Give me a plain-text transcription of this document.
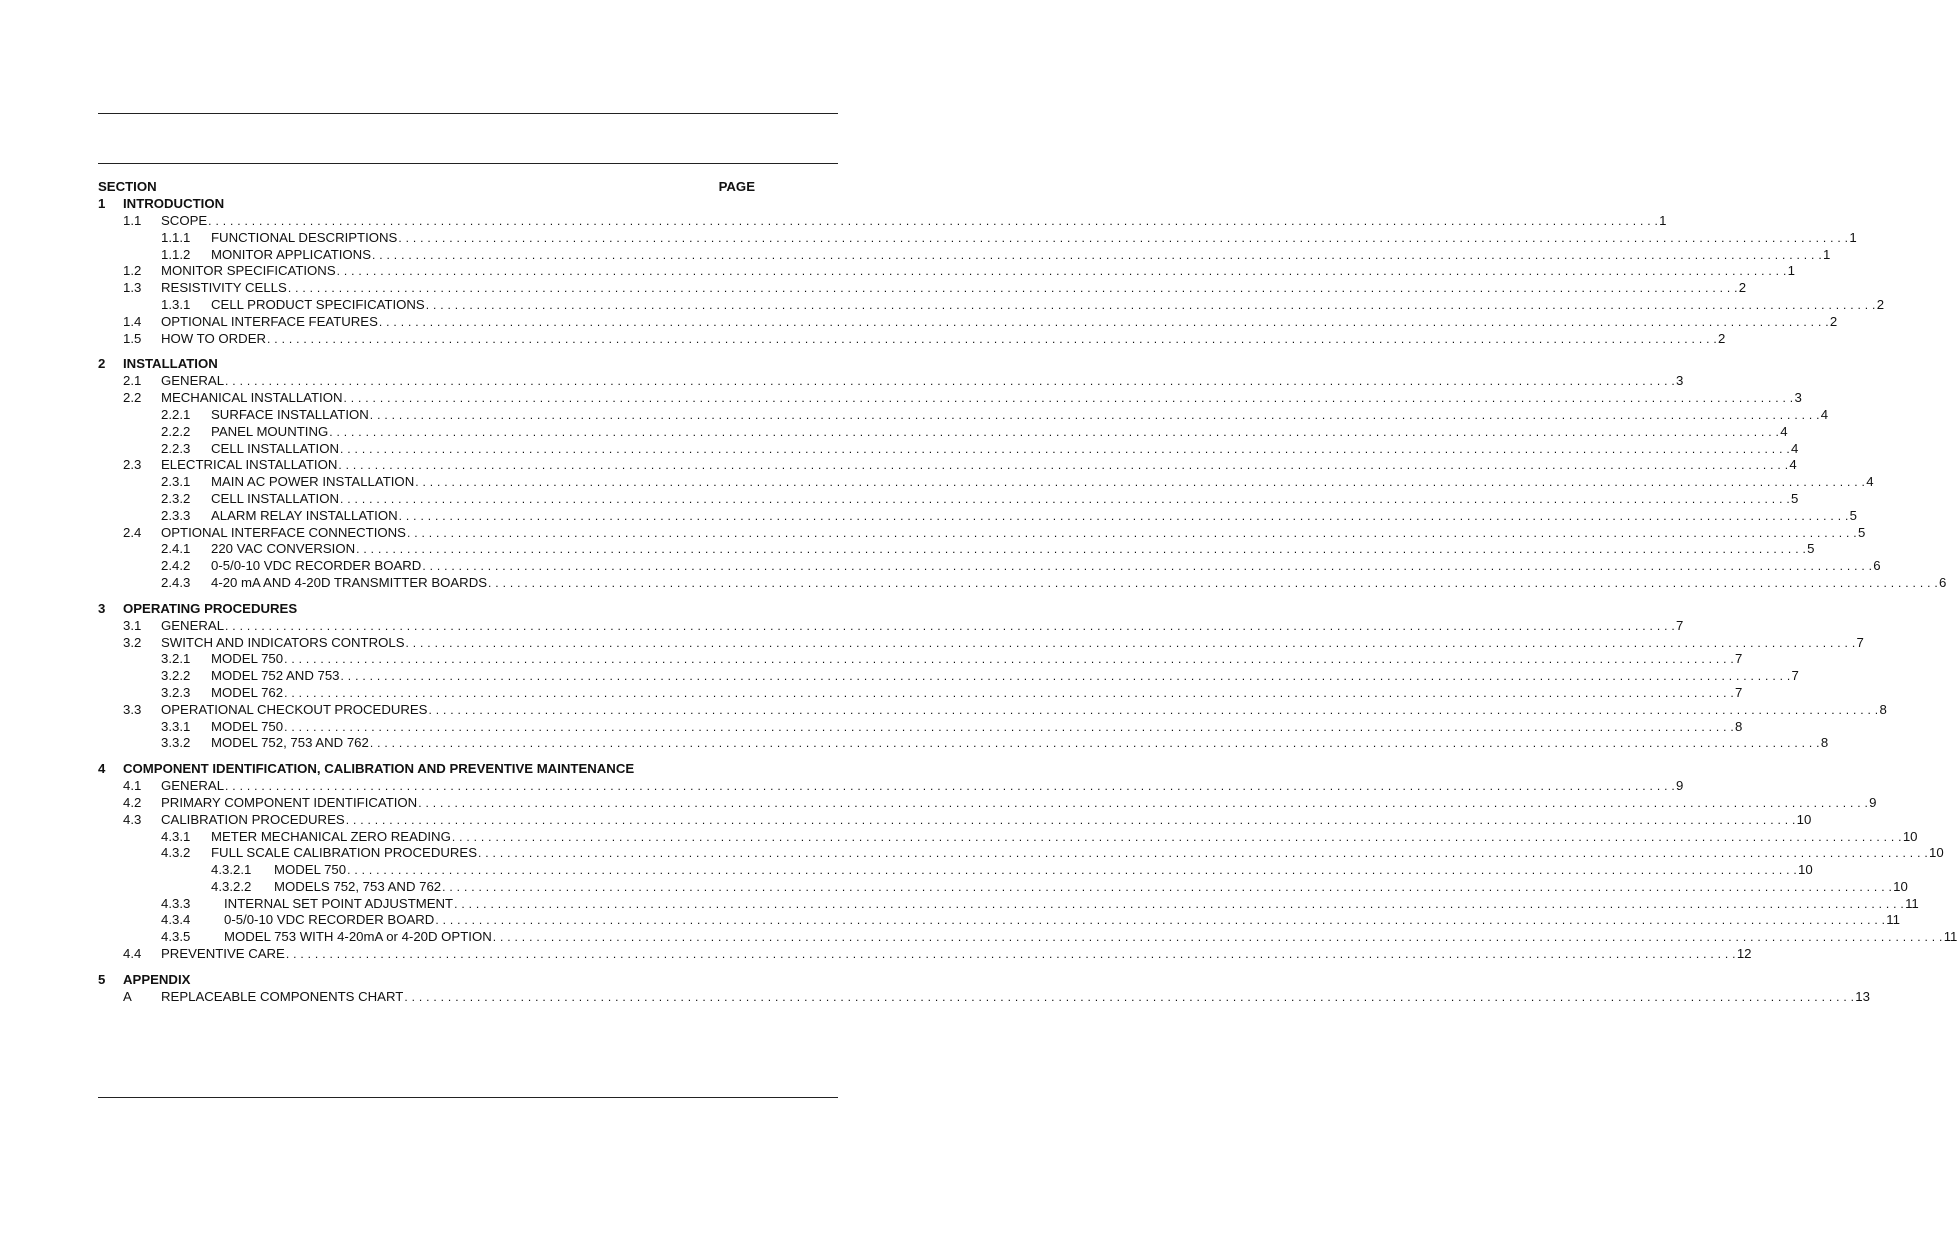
SECTION	PAGE
1 INTRODUCTION
1.1 SCOPE . . . . . . . . . . . . . . . . . . . . . . . . . . . . . . . . . . . . . . . . . . . . . . . . . . . . . . . . . . . . . . . . . . . . . . . . . . . . . . . . . . . . . . . . . . . . . . . . . . . . . . . . . . . . . . . . . . . . . . . . . . . . . . . . . . . . . . . . . . . . . . . . . . . . . . . . . . . . . . . . . . . . . . . . . . . . . . . . . . . . . . . . . . . . . . . . . . . . . . . . 1
1.1.1 FUNCTIONAL DESCRIPTIONS . . . . . . . . . . . . . . . . . . . . . . . . . . . . . . . . . . . . . . . . . . . . . . . . . . . . . . . . . . . . . . . . . . . . . . . . . . . . . . . . . . . . . . . . . . . . . . . . . . . . . . . . . . . . . . . . . . . . . . . . . . . . . . . . . . . . . . . . . . . . . . . . . . . . . . . . . . . . . . . . . . . . . . . . . . . . . . . . . . . . . . . . . . . . . . . . . . . . . . . . 1
1.1.2 MONITOR APPLICATIONS . . . . . . . . . . . . . . . . . . . . . . . . . . . . . . . . . . . . . . . . . . . . . . . . . . . . . . . . . . . . . . . . . . . . . . . . . . . . . . . . . . . . . . . . . . . . . . . . . . . . . . . . . . . . . . . . . . . . . . . . . . . . . . . . . . . . . . . . . . . . . . . . . . . . . . . . . . . . . . . . . . . . . . . . . . . . . . . . . . . . . . . . . . . . . . . . . . . . . . . . 1
1.2 MONITOR SPECIFICATIONS . . . . . . . . . . . . . . . . . . . . . . . . . . . . . . . . . . . . . . . . . . . . . . . . . . . . . . . . . . . . . . . . . . . . . . . . . . . . . . . . . . . . . . . . . . . . . . . . . . . . . . . . . . . . . . . . . . . . . . . . . . . . . . . . . . . . . . . . . . . . . . . . . . . . . . . . . . . . . . . . . . . . . . . . . . . . . . . . . . . . . . . . . . . . . . . . . . . . . . . . 1
1.3 RESISTIVITY CELLS . . . . . . . . . . . . . . . . . . . . . . . . . . . . . . . . . . . . . . . . . . . . . . . . . . . . . . . . . . . . . . . . . . . . . . . . . . . . . . . . . . . . . . . . . . . . . . . . . . . . . . . . . . . . . . . . . . . . . . . . . . . . . . . . . . . . . . . . . . . . . . . . . . . . . . . . . . . . . . . . . . . . . . . . . . . . . . . . . . . . . . . . . . . . . . . . . . . . . . . . 2
1.3.1 CELL PRODUCT SPECIFICATIONS . . . . . . . . . . . . . . . . . . . . . . . . . . . . . . . . . . . . . . . . . . . . . . . . . . . . . . . . . . . . . . . . . . . . . . . . . . . . . . . . . . . . . . . . . . . . . . . . . . . . . . . . . . . . . . . . . . . . . . . . . . . . . . . . . . . . . . . . . . . . . . . . . . . . . . . . . . . . . . . . . . . . . . . . . . . . . . . . . . . . . . . . . . . . . . . . . . . . . . . . 2
1.4 OPTIONAL INTERFACE FEATURES . . . . . . . . . . . . . . . . . . . . . . . . . . . . . . . . . . . . . . . . . . . . . . . . . . . . . . . . . . . . . . . . . . . . . . . . . . . . . . . . . . . . . . . . . . . . . . . . . . . . . . . . . . . . . . . . . . . . . . . . . . . . . . . . . . . . . . . . . . . . . . . . . . . . . . . . . . . . . . . . . . . . . . . . . . . . . . . . . . . . . . . . . . . . . . . . . . . . . . . . 2
1.5 HOW TO ORDER . . . . . . . . . . . . . . . . . . . . . . . . . . . . . . . . . . . . . . . . . . . . . . . . . . . . . . . . . . . . . . . . . . . . . . . . . . . . . . . . . . . . . . . . . . . . . . . . . . . . . . . . . . . . . . . . . . . . . . . . . . . . . . . . . . . . . . . . . . . . . . . . . . . . . . . . . . . . . . . . . . . . . . . . . . . . . . . . . . . . . . . . . . . . . . . . . . . . . . . . 2
2 INSTALLATION
2.1 GENERAL . . . . . . . . . . . . . . . . . . . . . . . . . . . . . . . . . . . . . . . . . . . . . . . . . . . . . . . . . . . . . . . . . . . . . . . . . . . . . . . . . . . . . . . . . . . . . . . . . . . . . . . . . . . . . . . . . . . . . . . . . . . . . . . . . . . . . . . . . . . . . . . . . . . . . . . . . . . . . . . . . . . . . . . . . . . . . . . . . . . . . . . . . . . . . . . . . . . . . . . . 3
2.2 MECHANICAL INSTALLATION . . . . . . . . . . . . . . . . . . . . . . . . . . . . . . . . . . . . . . . . . . . . . . . . . . . . . . . . . . . . . . . . . . . . . . . . . . . . . . . . . . . . . . . . . . . . . . . . . . . . . . . . . . . . . . . . . . . . . . . . . . . . . . . . . . . . . . . . . . . . . . . . . . . . . . . . . . . . . . . . . . . . . . . . . . . . . . . . . . . . . . . . . . . . . . . . . . . . . . . . 3
2.2.1 SURFACE INSTALLATION . . . . . . . . . . . . . . . . . . . . . . . . . . . . . . . . . . . . . . . . . . . . . . . . . . . . . . . . . . . . . . . . . . . . . . . . . . . . . . . . . . . . . . . . . . . . . . . . . . . . . . . . . . . . . . . . . . . . . . . . . . . . . . . . . . . . . . . . . . . . . . . . . . . . . . . . . . . . . . . . . . . . . . . . . . . . . . . . . . . . . . . . . . . . . . . . . . . . . . . . 4
2.2.2 PANEL MOUNTING . . . . . . . . . . . . . . . . . . . . . . . . . . . . . . . . . . . . . . . . . . . . . . . . . . . . . . . . . . . . . . . . . . . . . . . . . . . . . . . . . . . . . . . . . . . . . . . . . . . . . . . . . . . . . . . . . . . . . . . . . . . . . . . . . . . . . . . . . . . . . . . . . . . . . . . . . . . . . . . . . . . . . . . . . . . . . . . . . . . . . . . . . . . . . . . . . . . . . . . . 4
2.2.3 CELL INSTALLATION . . . . . . . . . . . . . . . . . . . . . . . . . . . . . . . . . . . . . . . . . . . . . . . . . . . . . . . . . . . . . . . . . . . . . . . . . . . . . . . . . . . . . . . . . . . . . . . . . . . . . . . . . . . . . . . . . . . . . . . . . . . . . . . . . . . . . . . . . . . . . . . . . . . . . . . . . . . . . . . . . . . . . . . . . . . . . . . . . . . . . . . . . . . . . . . . . . . . . . . . 4
2.3 ELECTRICAL INSTALLATION . . . . . . . . . . . . . . . . . . . . . . . . . . . . . . . . . . . . . . . . . . . . . . . . . . . . . . . . . . . . . . . . . . . . . . . . . . . . . . . . . . . . . . . . . . . . . . . . . . . . . . . . . . . . . . . . . . . . . . . . . . . . . . . . . . . . . . . . . . . . . . . . . . . . . . . . . . . . . . . . . . . . . . . . . . . . . . . . . . . . . . . . . . . . . . . . . . . . . . . . 4
2.3.1 MAIN AC POWER INSTALLATION . . . . . . . . . . . . . . . . . . . . . . . . . . . . . . . . . . . . . . . . . . . . . . . . . . . . . . . . . . . . . . . . . . . . . . . . . . . . . . . . . . . . . . . . . . . . . . . . . . . . . . . . . . . . . . . . . . . . . . . . . . . . . . . . . . . . . . . . . . . . . . . . . . . . . . . . . . . . . . . . . . . . . . . . . . . . . . . . . . . . . . . . . . . . . . . . . . . . . . . . 4
2.3.2 CELL INSTALLATION . . . . . . . . . . . . . . . . . . . . . . . . . . . . . . . . . . . . . . . . . . . . . . . . . . . . . . . . . . . . . . . . . . . . . . . . . . . . . . . . . . . . . . . . . . . . . . . . . . . . . . . . . . . . . . . . . . . . . . . . . . . . . . . . . . . . . . . . . . . . . . . . . . . . . . . . . . . . . . . . . . . . . . . . . . . . . . . . . . . . . . . . . . . . . . . . . . . . . . . . 5
2.3.3 ALARM RELAY INSTALLATION . . . . . . . . . . . . . . . . . . . . . . . . . . . . . . . . . . . . . . . . . . . . . . . . . . . . . . . . . . . . . . . . . . . . . . . . . . . . . . . . . . . . . . . . . . . . . . . . . . . . . . . . . . . . . . . . . . . . . . . . . . . . . . . . . . . . . . . . . . . . . . . . . . . . . . . . . . . . . . . . . . . . . . . . . . . . . . . . . . . . . . . . . . . . . . . . . . . . . . . . 5
2.4 OPTIONAL INTERFACE CONNECTIONS . . . . . . . . . . . . . . . . . . . . . . . . . . . . . . . . . . . . . . . . . . . . . . . . . . . . . . . . . . . . . . . . . . . . . . . . . . . . . . . . . . . . . . . . . . . . . . . . . . . . . . . . . . . . . . . . . . . . . . . . . . . . . . . . . . . . . . . . . . . . . . . . . . . . . . . . . . . . . . . . . . . . . . . . . . . . . . . . . . . . . . . . . . . . . . . . . . . . . . . . 5
2.4.1 220 VAC CONVERSION . . . . . . . . . . . . . . . . . . . . . . . . . . . . . . . . . . . . . . . . . . . . . . . . . . . . . . . . . . . . . . . . . . . . . . . . . . . . . . . . . . . . . . . . . . . . . . . . . . . . . . . . . . . . . . . . . . . . . . . . . . . . . . . . . . . . . . . . . . . . . . . . . . . . . . . . . . . . . . . . . . . . . . . . . . . . . . . . . . . . . . . . . . . . . . . . . . . . . . . . 5
2.4.2 0-5/0-10 VDC RECORDER BOARD . . . . . . . . . . . . . . . . . . . . . . . . . . . . . . . . . . . . . . . . . . . . . . . . . . . . . . . . . . . . . . . . . . . . . . . . . . . . . . . . . . . . . . . . . . . . . . . . . . . . . . . . . . . . . . . . . . . . . . . . . . . . . . . . . . . . . . . . . . . . . . . . . . . . . . . . . . . . . . . . . . . . . . . . . . . . . . . . . . . . . . . . . . . . . . . . . . . . . . . . 6
2.4.3 4-20 mA AND 4-20D TRANSMITTER BOARDS . . . . . . . . . . . . . . . . . . . . . . . . . . . . . . . . . . . . . . . . . . . . . . . . . . . . . . . . . . . . . . . . . . . . . . . . . . . . . . . . . . . . . . . . . . . . . . . . . . . . . . . . . . . . . . . . . . . . . . . . . . . . . . . . . . . . . . . . . . . . . . . . . . . . . . . . . . . . . . . . . . . . . . . . . . . . . . . . . . . . . . . . . . . . . . . . . . . . . . . . 6
3 OPERATING PROCEDURES
3.1 GENERAL . . . . . . . . . . . . . . . . . . . . . . . . . . . . . . . . . . . . . . . . . . . . . . . . . . . . . . . . . . . . . . . . . . . . . . . . . . . . . . . . . . . . . . . . . . . . . . . . . . . . . . . . . . . . . . . . . . . . . . . . . . . . . . . . . . . . . . . . . . . . . . . . . . . . . . . . . . . . . . . . . . . . . . . . . . . . . . . . . . . . . . . . . . . . . . . . . . . . . . . . 7
3.2 SWITCH AND INDICATORS CONTROLS . . . . . . . . . . . . . . . . . . . . . . . . . . . . . . . . . . . . . . . . . . . . . . . . . . . . . . . . . . . . . . . . . . . . . . . . . . . . . . . . . . . . . . . . . . . . . . . . . . . . . . . . . . . . . . . . . . . . . . . . . . . . . . . . . . . . . . . . . . . . . . . . . . . . . . . . . . . . . . . . . . . . . . . . . . . . . . . . . . . . . . . . . . . . . . . . . . . . . . . . 7
3.2.1 MODEL 750 . . . . . . . . . . . . . . . . . . . . . . . . . . . . . . . . . . . . . . . . . . . . . . . . . . . . . . . . . . . . . . . . . . . . . . . . . . . . . . . . . . . . . . . . . . . . . . . . . . . . . . . . . . . . . . . . . . . . . . . . . . . . . . . . . . . . . . . . . . . . . . . . . . . . . . . . . . . . . . . . . . . . . . . . . . . . . . . . . . . . . . . . . . . . . . . . . . . . . . . . 7
3.2.2 MODEL 752 AND 753 . . . . . . . . . . . . . . . . . . . . . . . . . . . . . . . . . . . . . . . . . . . . . . . . . . . . . . . . . . . . . . . . . . . . . . . . . . . . . . . . . . . . . . . . . . . . . . . . . . . . . . . . . . . . . . . . . . . . . . . . . . . . . . . . . . . . . . . . . . . . . . . . . . . . . . . . . . . . . . . . . . . . . . . . . . . . . . . . . . . . . . . . . . . . . . . . . . . . . . . . 7
3.2.3 MODEL 762 . . . . . . . . . . . . . . . . . . . . . . . . . . . . . . . . . . . . . . . . . . . . . . . . . . . . . . . . . . . . . . . . . . . . . . . . . . . . . . . . . . . . . . . . . . . . . . . . . . . . . . . . . . . . . . . . . . . . . . . . . . . . . . . . . . . . . . . . . . . . . . . . . . . . . . . . . . . . . . . . . . . . . . . . . . . . . . . . . . . . . . . . . . . . . . . . . . . . . . . . 7
3.3 OPERATIONAL CHECKOUT PROCEDURES . . . . . . . . . . . . . . . . . . . . . . . . . . . . . . . . . . . . . . . . . . . . . . . . . . . . . . . . . . . . . . . . . . . . . . . . . . . . . . . . . . . . . . . . . . . . . . . . . . . . . . . . . . . . . . . . . . . . . . . . . . . . . . . . . . . . . . . . . . . . . . . . . . . . . . . . . . . . . . . . . . . . . . . . . . . . . . . . . . . . . . . . . . . . . . . . . . . . . . . . 8
3.3.1 MODEL 750 . . . . . . . . . . . . . . . . . . . . . . . . . . . . . . . . . . . . . . . . . . . . . . . . . . . . . . . . . . . . . . . . . . . . . . . . . . . . . . . . . . . . . . . . . . . . . . . . . . . . . . . . . . . . . . . . . . . . . . . . . . . . . . . . . . . . . . . . . . . . . . . . . . . . . . . . . . . . . . . . . . . . . . . . . . . . . . . . . . . . . . . . . . . . . . . . . . . . . . . . 8
3.3.2 MODEL 752, 753 AND 762 . . . . . . . . . . . . . . . . . . . . . . . . . . . . . . . . . . . . . . . . . . . . . . . . . . . . . . . . . . . . . . . . . . . . . . . . . . . . . . . . . . . . . . . . . . . . . . . . . . . . . . . . . . . . . . . . . . . . . . . . . . . . . . . . . . . . . . . . . . . . . . . . . . . . . . . . . . . . . . . . . . . . . . . . . . . . . . . . . . . . . . . . . . . . . . . . . . . . . . . . 8
4 COMPONENT IDENTIFICATION, CALIBRATION AND PREVENTIVE MAINTENANCE
4.1 GENERAL . . . . . . . . . . . . . . . . . . . . . . . . . . . . . . . . . . . . . . . . . . . . . . . . . . . . . . . . . . . . . . . . . . . . . . . . . . . . . . . . . . . . . . . . . . . . . . . . . . . . . . . . . . . . . . . . . . . . . . . . . . . . . . . . . . . . . . . . . . . . . . . . . . . . . . . . . . . . . . . . . . . . . . . . . . . . . . . . . . . . . . . . . . . . . . . . . . . . . . . . 9
4.2 PRIMARY COMPONENT IDENTIFICATION . . . . . . . . . . . . . . . . . . . . . . . . . . . . . . . . . . . . . . . . . . . . . . . . . . . . . . . . . . . . . . . . . . . . . . . . . . . . . . . . . . . . . . . . . . . . . . . . . . . . . . . . . . . . . . . . . . . . . . . . . . . . . . . . . . . . . . . . . . . . . . . . . . . . . . . . . . . . . . . . . . . . . . . . . . . . . . . . . . . . . . . . . . . . . . . . . . . . . . . . 9
4.3 CALIBRATION PROCEDURES . . . . . . . . . . . . . . . . . . . . . . . . . . . . . . . . . . . . . . . . . . . . . . . . . . . . . . . . . . . . . . . . . . . . . . . . . . . . . . . . . . . . . . . . . . . . . . . . . . . . . . . . . . . . . . . . . . . . . . . . . . . . . . . . . . . . . . . . . . . . . . . . . . . . . . . . . . . . . . . . . . . . . . . . . . . . . . . . . . . . . . . . . . . . . . . . . . . . . . . . 10
4.3.1 METER MECHANICAL ZERO READING . . . . . . . . . . . . . . . . . . . . . . . . . . . . . . . . . . . . . . . . . . . . . . . . . . . . . . . . . . . . . . . . . . . . . . . . . . . . . . . . . . . . . . . . . . . . . . . . . . . . . . . . . . . . . . . . . . . . . . . . . . . . . . . . . . . . . . . . . . . . . . . . . . . . . . . . . . . . . . . . . . . . . . . . . . . . . . . . . . . . . . . . . . . . . . . . . . . . . . . . 10
4.3.2 FULL SCALE CALIBRATION PROCEDURES . . . . . . . . . . . . . . . . . . . . . . . . . . . . . . . . . . . . . . . . . . . . . . . . . . . . . . . . . . . . . . . . . . . . . . . . . . . . . . . . . . . . . . . . . . . . . . . . . . . . . . . . . . . . . . . . . . . . . . . . . . . . . . . . . . . . . . . . . . . . . . . . . . . . . . . . . . . . . . . . . . . . . . . . . . . . . . . . . . . . . . . . . . . . . . . . . . . . . . . . 10
4.3.2.1 MODEL 750 . . . . . . . . . . . . . . . . . . . . . . . . . . . . . . . . . . . . . . . . . . . . . . . . . . . . . . . . . . . . . . . . . . . . . . . . . . . . . . . . . . . . . . . . . . . . . . . . . . . . . . . . . . . . . . . . . . . . . . . . . . . . . . . . . . . . . . . . . . . . . . . . . . . . . . . . . . . . . . . . . . . . . . . . . . . . . . . . . . . . . . . . . . . . . . . . . . . . . . . . 10
4.3.2.2 MODELS 752, 753 AND 762 . . . . . . . . . . . . . . . . . . . . . . . . . . . . . . . . . . . . . . . . . . . . . . . . . . . . . . . . . . . . . . . . . . . . . . . . . . . . . . . . . . . . . . . . . . . . . . . . . . . . . . . . . . . . . . . . . . . . . . . . . . . . . . . . . . . . . . . . . . . . . . . . . . . . . . . . . . . . . . . . . . . . . . . . . . . . . . . . . . . . . . . . . . . . . . . . . . . . . . . . 10
4.3.3	INTERNAL SET POINT ADJUSTMENT . . . . . . . . . . . . . . . . . . . . . . . . . . . . . . . . . . . . . . . . . . . . . . . . . . . . . . . . . . . . . . . . . . . . . . . . . . . . . . . . . . . . . . . . . . . . . . . . . . . . . . . . . . . . . . . . . . . . . . . . . . . . . . . . . . . . . . . . . . . . . . . . . . . . . . . . . . . . . . . . . . . . . . . . . . . . . . . . . . . . . . . . . . . . . . . . . . . . . . . . 11
4.3.4	0-5/0-10 VDC RECORDER BOARD . . . . . . . . . . . . . . . . . . . . . . . . . . . . . . . . . . . . . . . . . . . . . . . . . . . . . . . . . . . . . . . . . . . . . . . . . . . . . . . . . . . . . . . . . . . . . . . . . . . . . . . . . . . . . . . . . . . . . . . . . . . . . . . . . . . . . . . . . . . . . . . . . . . . . . . . . . . . . . . . . . . . . . . . . . . . . . . . . . . . . . . . . . . . . . . . . . . . . . . . 11
4.3.5	MODEL 753 WITH 4-20mA or 4-20D OPTION . . . . . . . . . . . . . . . . . . . . . . . . . . . . . . . . . . . . . . . . . . . . . . . . . . . . . . . . . . . . . . . . . . . . . . . . . . . . . . . . . . . . . . . . . . . . . . . . . . . . . . . . . . . . . . . . . . . . . . . . . . . . . . . . . . . . . . . . . . . . . . . . . . . . . . . . . . . . . . . . . . . . . . . . . . . . . . . . . . . . . . . . . . . . . . . . . . . . . . . . 11
4.4 PREVENTIVE CARE . . . . . . . . . . . . . . . . . . . . . . . . . . . . . . . . . . . . . . . . . . . . . . . . . . . . . . . . . . . . . . . . . . . . . . . . . . . . . . . . . . . . . . . . . . . . . . . . . . . . . . . . . . . . . . . . . . . . . . . . . . . . . . . . . . . . . . . . . . . . . . . . . . . . . . . . . . . . . . . . . . . . . . . . . . . . . . . . . . . . . . . . . . . . . . . . . . . . . . . . 12
5 APPENDIX
A REPLACEABLE COMPONENTS CHART . . . . . . . . . . . . . . . . . . . . . . . . . . . . . . . . . . . . . . . . . . . . . . . . . . . . . . . . . . . . . . . . . . . . . . . . . . . . . . . . . . . . . . . . . . . . . . . . . . . . . . . . . . . . . . . . . . . . . . . . . . . . . . . . . . . . . . . . . . . . . . . . . . . . . . . . . . . . . . . . . . . . . . . . . . . . . . . . . . . . . . . . . . . . . . . . . . . . . . . . 13
